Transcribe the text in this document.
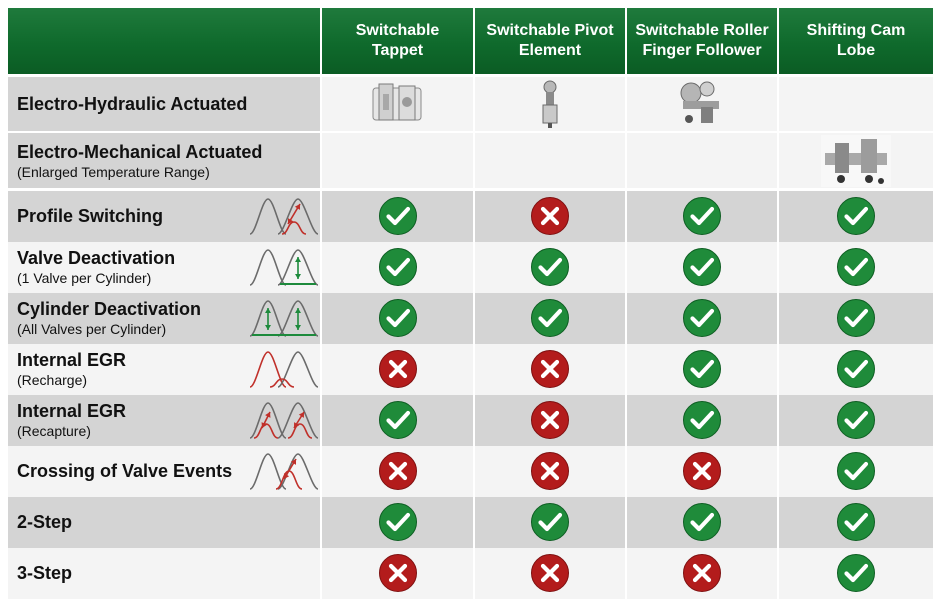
Switchable
Tappet
Switchable Pivot
Element
Switchable Roller
Finger Follower
Shifting Cam
Lobe
Electro-Hydraulic Actuated
Electro-Mechanical Actuated
(Enlarged Temperature Range)
Profile Switching
Valve Deactivation
(1 Valve per Cylinder)
Cylinder Deactivation
(All Valves per Cylinder)
Internal EGR
(Recharge)
Internal EGR
(Recapture)
Crossing of Valve Events
2-Step
3-Step
